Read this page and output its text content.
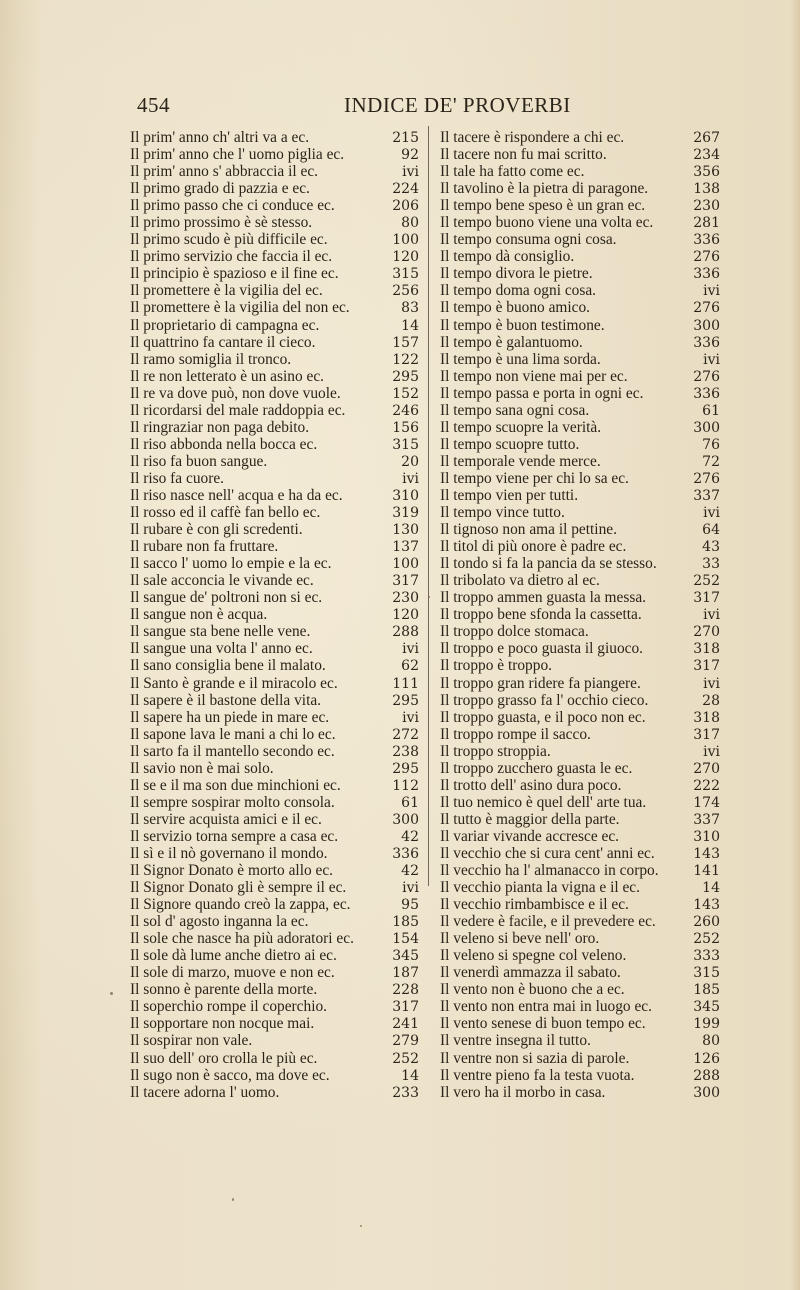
454	INDICE DE' PROVERBI
Il prim' anno ch' altri va a ec.	215
Il prim' anno che l' uomo piglia ec.	92
Il prim' anno s' abbraccia il ec.	ivi
Il primo grado di pazzia e ec.	224
Il primo passo che ci conduce ec.	206
Il primo prossimo è sè stesso.	80
Il primo scudo è più difficile ec.	100
Il primo servizio che faccia il ec.	120
Il principio è spazioso e il fine ec.	315
Il promettere è la vigilia del ec.	256
Il promettere è la vigilia del non ec.	83
Il proprietario di campagna ec.	14
Il quattrino fa cantare il cieco.	157
Il ramo somiglia il tronco.	122
Il re non letterato è un asino ec.	295
Il re va dove può, non dove vuole.	152
Il ricordarsi del male raddoppia ec.	246
Il ringraziar non paga debito.	156
Il riso abbonda nella bocca ec.	315
Il riso fa buon sangue.	20
Il riso fa cuore.	ivi
Il riso nasce nell' acqua e ha da ec.	310
Il rosso ed il caffè fan bello ec.	319
Il rubare è con gli scredenti.	130
Il rubare non fa fruttare.	137
Il sacco l' uomo lo empie e la ec.	100
Il sale acconcia le vivande ec.	317
Il sangue de' poltroni non si ec.	230
Il sangue non è acqua.	120
Il sangue sta bene nelle vene.	288
Il sangue una volta l' anno ec.	ivi
Il sano consiglia bene il malato.	62
Il Santo è grande e il miracolo ec.	111
Il sapere è il bastone della vita.	295
Il sapere ha un piede in mare ec.	ivi
Il sapone lava le mani a chi lo ec.	272
Il sarto fa il mantello secondo ec.	238
Il savio non è mai solo.	295
Il se e il ma son due minchioni ec.	112
Il sempre sospirar molto consola.	61
Il servire acquista amici e il ec.	300
Il servizio torna sempre a casa ec.	42
Il sì e il nò governano il mondo.	336
Il Signor Donato è morto allo ec.	42
Il Signor Donato gli è sempre il ec.	ivi
Il Signore quando creò la zappa, ec.	95
Il sol d' agosto inganna la ec.	185
Il sole che nasce ha più adoratori ec.	154
Il sole dà lume anche dietro ai ec.	345
Il sole di marzo, muove e non ec.	187
Il sonno è parente della morte.	228
Il soperchio rompe il coperchio.	317
Il sopportare non nocque mai.	241
Il sospirar non vale.	279
Il suo dell' oro crolla le più ec.	252
Il sugo non è sacco, ma dove ec.	14
Il tacere adorna l' uomo.	233
Il tacere è rispondere a chi ec.	267
Il tacere non fu mai scritto.	234
Il tale ha fatto come ec.	356
Il tavolino è la pietra di paragone.	138
Il tempo bene speso è un gran ec.	230
Il tempo buono viene una volta ec.	281
Il tempo consuma ogni cosa.	336
Il tempo dà consiglio.	276
Il tempo divora le pietre.	336
Il tempo doma ogni cosa.	ivi
Il tempo è buono amico.	276
Il tempo è buon testimone.	300
Il tempo è galantuomo.	336
Il tempo è una lima sorda.	ivi
Il tempo non viene mai per ec.	276
Il tempo passa e porta in ogni ec.	336
Il tempo sana ogni cosa.	61
Il tempo scuopre la verità.	300
Il tempo scuopre tutto.	76
Il temporale vende merce.	72
Il tempo viene per chi lo sa ec.	276
Il tempo vien per tutti.	337
Il tempo vince tutto.	ivi
Il tignoso non ama il pettine.	64
Il titol di più onore è padre ec.	43
Il tondo si fa la pancia da se stesso.	33
Il tribolato va dietro al ec.	252
Il troppo ammen guasta la messa.	317
Il troppo bene sfonda la cassetta.	ivi
Il troppo dolce stomaca.	270
Il troppo e poco guasta il giuoco.	318
Il troppo è troppo.	317
Il troppo gran ridere fa piangere.	ivi
Il troppo grasso fa l' occhio cieco.	28
Il troppo guasta, e il poco non ec.	318
Il troppo rompe il sacco.	317
Il troppo stroppia.	ivi
Il troppo zucchero guasta le ec.	270
Il trotto dell' asino dura poco.	222
Il tuo nemico è quel dell' arte tua.	174
Il tutto è maggior della parte.	337
Il variar vivande accresce ec.	310
Il vecchio che si cura cent' anni ec.	143
Il vecchio ha l' almanacco in corpo. 141
Il vecchio pianta la vigna e il ec.	14
Il vecchio rimbambisce e il ec.	143
Il vedere è facile, e il prevedere ec.	260
Il veleno si beve nell' oro.	252
Il veleno si spegne col veleno.	333
Il venerdì ammazza il sabato.	315
Il vento non è buono che a ec.	185
Il vento non entra mai in luogo ec.	345
Il vento senese di buon tempo ec.	199
Il ventre insegna il tutto.	80
Il ventre non si sazia di parole.	126
Il ventre pieno fa la testa vuota.	288
Il vero ha il morbo in casa.	300
